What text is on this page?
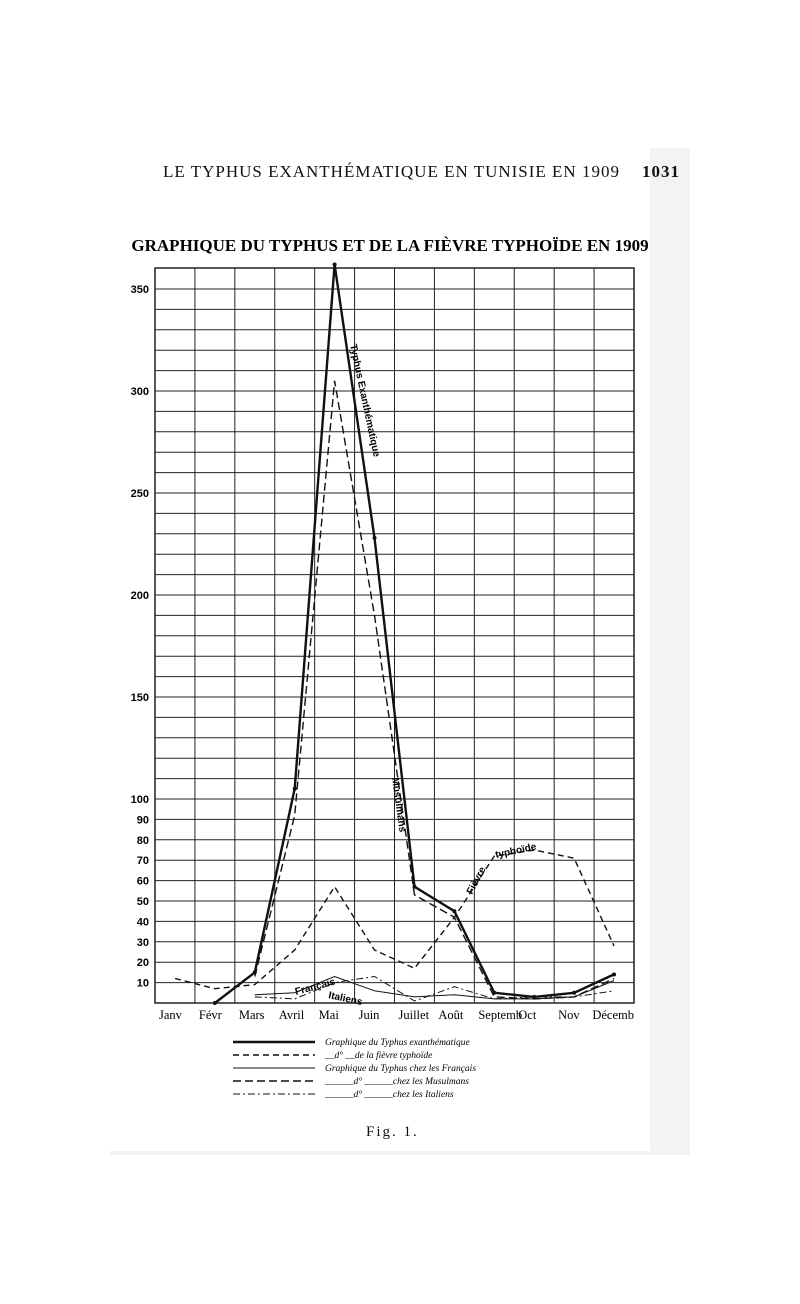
LE TYPHUS EXANTHÉMATIQUE EN TUNISIE EN 1909 1031
GRAPHIQUE DU TYPHUS ET DE LA FIÈVRE TYPHOÏDE EN 1909
10
20
30
40
50
60
70
80
90
100
150
200
250
300
350
Janv Févr Mars Avril Mai Juin Juillet Août Septemb
Oct Nov Décemb
Typhus Exanthématique
Musulmans
Fièvre
typhoïde
Français
Italiens
Graphique du Typhus exanthématique
__d° __de la fièvre typhoïde
Graphique du Typhus chez les Français
______d° ______chez les Musulmans
______d° ______chez les Italiens
Fig. 1.
